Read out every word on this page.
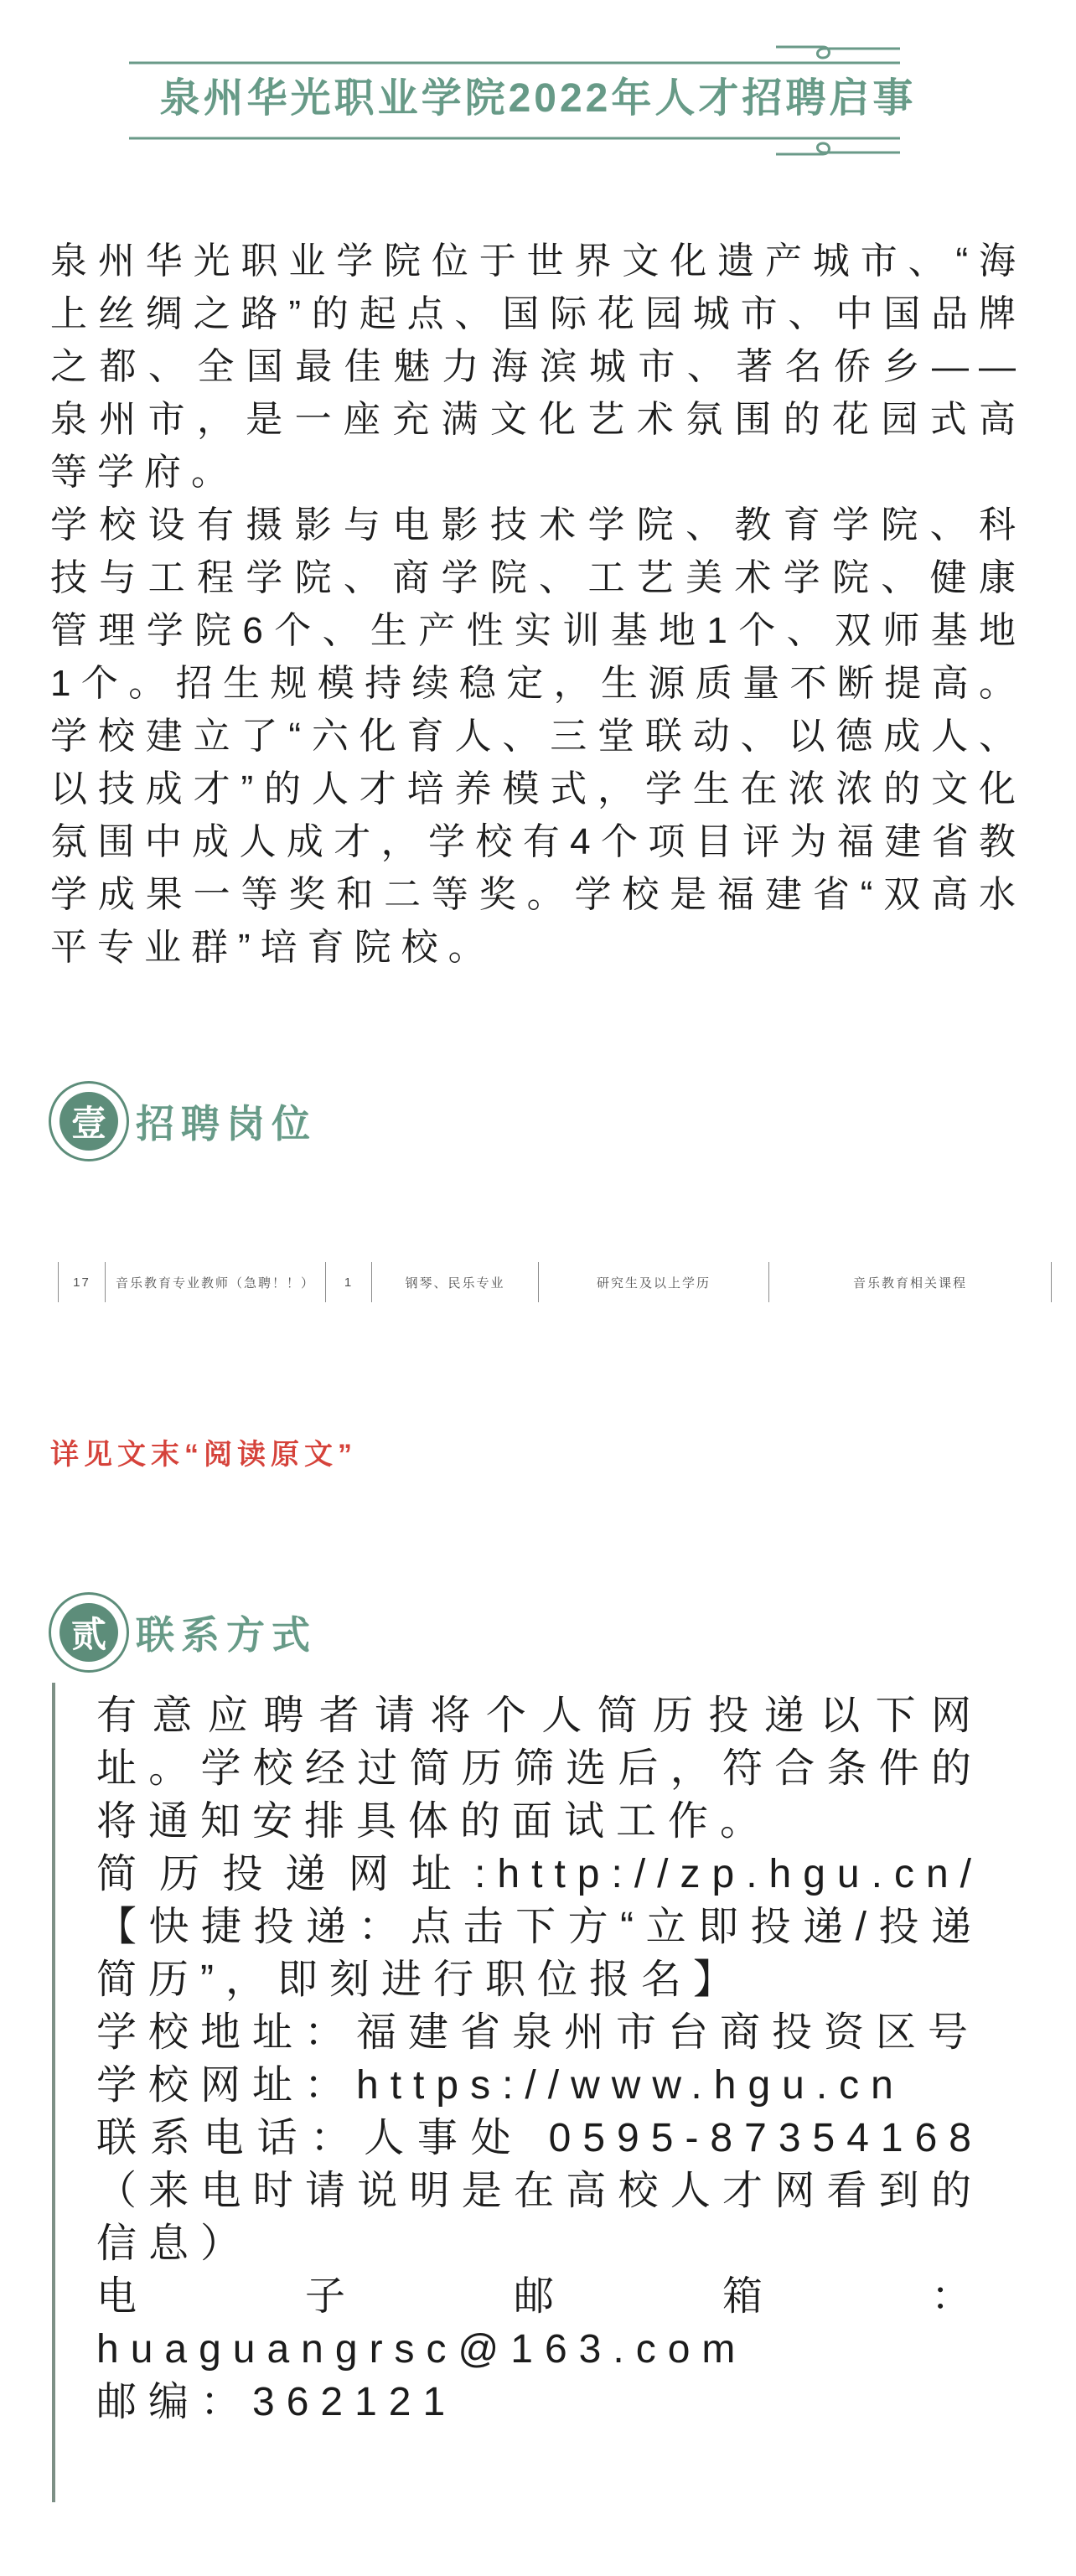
泉州华光职业学院2022年人才招聘启事

泉州华光职业学院位于世界文化遗产城市、“海上丝绸之路”的起点、国际花园城市、中国品牌之都、全国最佳魅力海滨城市、著名侨乡——泉州市，是一座充满文化艺术氛围的花园式高等学府。

学校设有摄影与电影技术学院、教育学院、科技与工程学院、商学院、工艺美术学院、健康管理学院6个、生产性实训基地1个、双师基地1个。招生规模持续稳定，生源质量不断提高。学校建立了“六化育人、三堂联动、以德成人、以技成才”的人才培养模式，学生在浓浓的文化氛围中成人成才，学校有4个项目评为福建省教学成果一等奖和二等奖。学校是福建省“双高水平专业群”培育院校。

壹 招聘岗位
17	音乐教育专业教师（急聘！！）	1	钢琴、民乐专业	研究生及以上学历	音乐教育相关课程
详见文末“阅读原文”
贰 联系方式

有意应聘者请将个人简历投递以下网址。学校经过简历筛选后，符合条件的将通知安排具体的面试工作。

简历投递网址:http://zp.hgu.cn/【快捷投递：点击下方“立即投递/投递简历”，即刻进行职位报名】

学校地址：福建省泉州市台商投资区号

学校网址：https://www.hgu.cn

联系电话：人事处 0595-87354168（来电时请说明是在高校人才网看到的信息）

电子邮箱：huaguangrsc@163.com

邮编：362121
